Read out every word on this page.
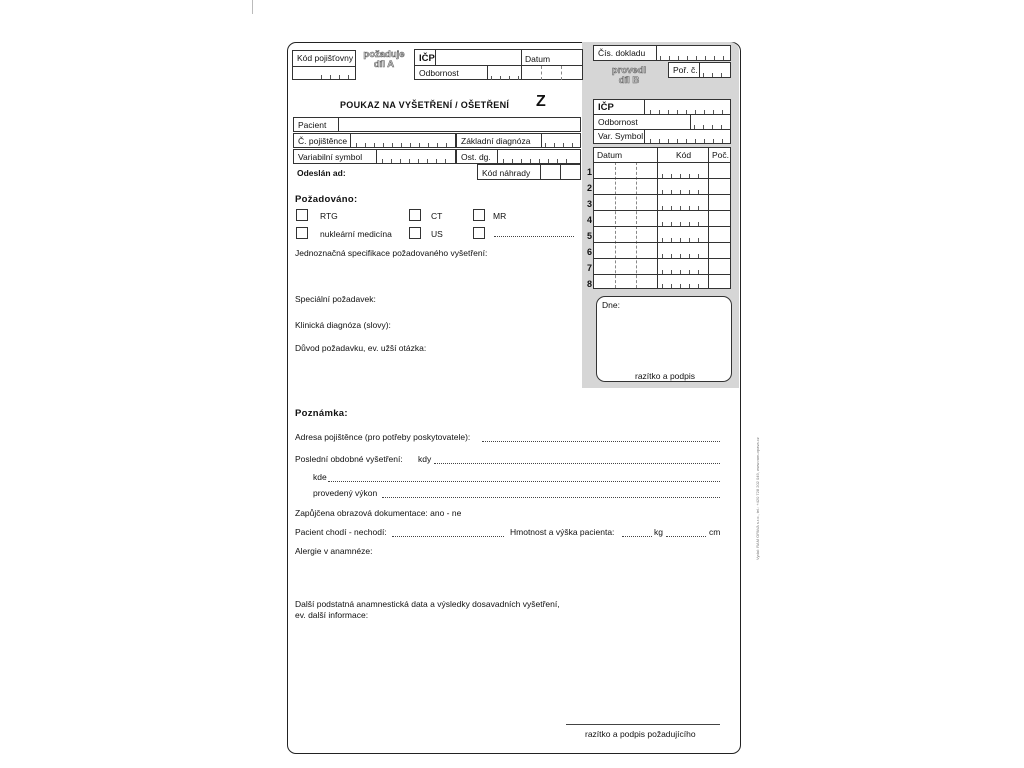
Kód pojišťovny	požaduje
díl A
IČP	Datum
Odbornost
Čís. dokladu
provedl
díl B
Poř. č.
POUKAZ NA VYŠETŘENÍ / OŠETŘENÍ Z
Pacient
Č. pojištěnce	Základní diagnóza
Variabilní symbol	Ost. dg.
Odeslán ad:	Kód náhrady
Požadováno:
RTG	CT	MR
nukleární medicína	US
Jednoznačná specifikace požadovaného vyšetření:
Speciální požadavek:
Klinická diagnóza (slovy):
Důvod požadavku, ev. užší otázka:
IČP
Odbornost
Var. Symbol
Datum	Kód Poč.
1
2
3
4
5
6
7
8
Dne:
razítko a podpis
Poznámka:
Adresa pojištěnce (pro potřeby poskytovatele):
Poslední obdobné vyšetření: kdy
kde
provedený výkon
Zapůjčena obrazová dokumentace: ano - ne
Pacient chodí - nechodí:	Hmotnost a výška pacienta:	kg	cm
Alergie v anamnéze:
Další podstatná anamnestická data a výsledky dosavadních vyšetření,
ev. další informace:
razítko a podpis požadujícího
Vydal: RAM OPAVA s.r.o., tel.: +420 728 202 049, www.ram-opava.cz
